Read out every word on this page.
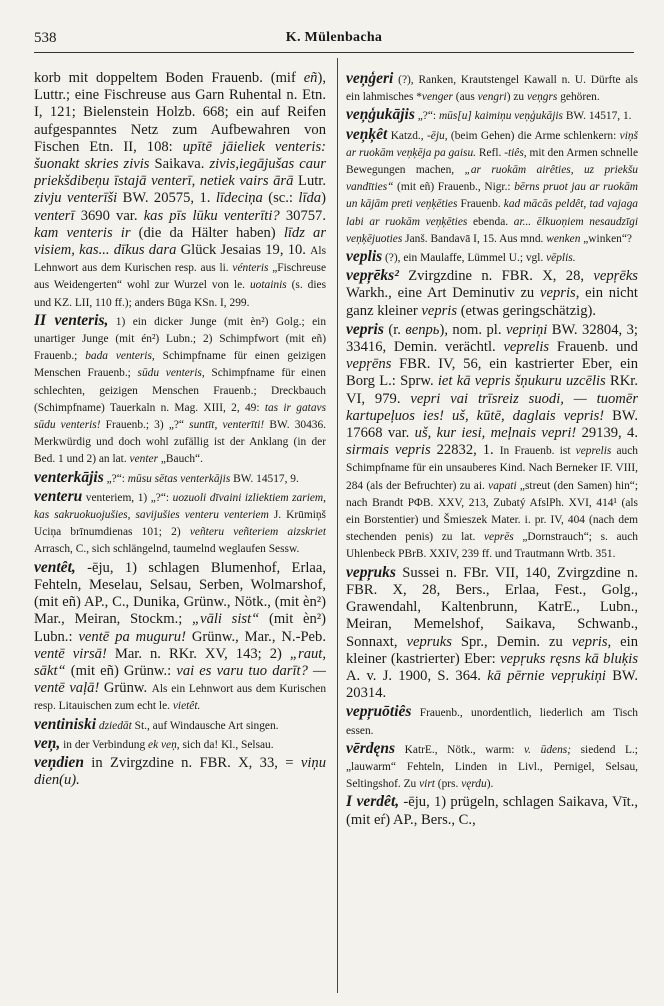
538	K. Mülenbacha

korb mit doppeltem Boden Frauenb. (mif eñ), Luttr.; eine Fischreuse aus Garn Ruhental n. Etn. I, 121; Bielenstein Holzb. 668; ein auf Reifen aufgespanntes Netz zum Aufbewahren von Fischen Etn. II, 108: upītē jāieliek venteris: šuonakt skries zivis Saikava. zivis,iegājušas caur priekšdibeņu īstajā venterī, netiek vairs ārā Lutr. zivju venterīši BW. 20575, 1. līdeciņa (sc.: līda) venterī 3690 var. kas pīs lūku venterīti? 30757. kam venteris ir (die da Hälter haben) līdz ar visiem, kas... dīkus dara Glück Jesaias 19, 10. Als Lehnwort aus dem Kurischen resp. aus li. vénteris „Fischreuse aus Weidengerten“ wohl zur Wurzel von le. uotainis (s. dies und KZ. LII, 110 ff.); anders Būga KSn. I, 299.

II venteris, 1) ein dicker Junge (mit èn²) Golg.; ein unartiger Junge (mit én²) Lubn.; 2) Schimpfwort (mit eñ) Frauenb.; bada venteris, Schimpfname für einen geizigen Menschen Frauenb.; sūdu venteris, Schimpfname für einen schlechten, geizigen Menschen Frauenb.; Dreckbauch (Schimpfname) Tauerkaln n. Mag. XIII, 2, 49: tas ir gatavs sūdu venteris! Frauenb.; 3) „?“ suntīt, venterīti! BW. 30436. Merkwürdig und doch wohl zufällig ist der Anklang (in der Bed. 1 und 2) an lat. venter „Bauch“.

venterkājis „?“: mūsu sētas venterkājis BW. 14517, 9.

venteru venteriem, 1) „?“: uozuoli dīvaini izliektiem zariem, kas sakruokuojušies, savijušies venteru venteriem J. Krūmiņš Uciņa brīnumdienas 101; 2) veñteru veñteriem aizskriet Arrasch, C., sich schlängelnd, taumelnd weglaufen Sessw.

ventêt, -ēju, 1) schlagen Blumenhof, Erlaa, Fehteln, Meselau, Selsau, Serben, Wolmarshof, (mit eñ) AP., C., Dunika, Grünw., Nötk., (mit èn²) Mar., Meiran, Stockm.; „vāli sist“ (mit èn²) Lubn.: ventē pa muguru! Grünw., Mar., N.-Peb. ventē virsā! Mar. n. RKr. XV, 143; 2) „raut, sākt“ (mit eñ) Grünw.: vai es varu tuo darīt? — ventē vaļā! Grünw. Als ein Lehnwort aus dem Kurischen resp. Litauischen zum echt le. vietêt.

ventiniski dziedāt St., auf Windausche Art singen.

veņ, in der Verbindung ek veņ, sich da! Kl., Selsau.

veņdien in Zvirgzdine n. FBR. X, 33, = viņu dien(u).

veņģeri (?), Ranken, Krautstengel Kawall n. U. Dürfte als ein lahmisches *venger (aus vengri) zu veņgrs gehören.

veņģukājis „?“: mūs[u] kaimiņu veņģukājis BW. 14517, 1.

veņķêt Katzd., -ēju, (beim Gehen) die Arme schlenkern: viņš ar ruokām veņķēja pa gaisu. Refl. -tiês, mit den Armen schnelle Bewegungen machen, „ar ruokām airêties, uz priekšu vandīties“ (mit eñ) Frauenb., Nigr.: bērns pruot jau ar ruokām un kājām preti veņķēties Frauenb. kad mācās peldêt, tad vajaga labi ar ruokām veņķēties ebenda. ar... ēlkuoņiem nesaudzīgi veņķējuoties Janš. Bandavā I, 15. Aus mnd. wenken „winken“?

veplis (?), ein Maulaffe, Lümmel U.; vgl. vēplis.

vepŗēks² Zvirgzdine n. FBR. X, 28, vepŗēks Warkh., eine Art Deminutiv zu vepris, ein nicht ganz kleiner vepris (etwas geringschätzig).

vepris (r. вепрь), nom. pl. vepriņi BW. 32804, 3; 33416, Demin. verächtl. veprelis Frauenb. und vepŗēns FBR. IV, 56, ein kastrierter Eber, ein Borg L.: Sprw. iet kā vepris šņukuru uzcēlis RKr. VI, 979. vepri vai trīsreiz suodi, — tuomēr kartupeļuos ies! uš, kūtē, daglais vepris! BW. 17668 var. uš, kur iesi, meļnais vepri! 29139, 4. sirmais vepris 22832, 1. In Frauenb. ist veprelis auch Schimpfname für ein unsauberes Kind. Nach Berneker IF. VIII, 284 (als der Befruchter) zu ai. vapati „streut (den Samen) hin“; nach Brandt РФВ. XXV, 213, Zubatý AfslPh. XVI, 414¹ (als ein Borstentier) und Šmieszek Mater. i. pr. IV, 404 (nach dem stechenden penis) zu lat. veprēs „Dornstrauch“; s. auch Uhlenbeck PBrB. XXIV, 239 ff. und Trautmann Wrtb. 351.

vepŗuks Sussei n. FBr. VII, 140, Zvirgzdine n. FBR. X, 28, Bers., Erlaa, Fest., Golg., Grawendahl, Kaltenbrunn, KatrE., Lubn., Meiran, Memelshof, Saikava, Schwanb., Sonnaxt, vepruks Spr., Demin. zu vepris, ein kleiner (kastrierter) Eber: vepŗuks ręsns kā bluķis A. v. J. 1900, S. 364. kā pērnie vepŗukiņi BW. 20314.

vepŗuōtiês Frauenb., unordentlich, liederlich am Tisch essen.

vērdęns KatrE., Nötk., warm: v. ūdens; siedend L.; „lauwarm“ Fehteln, Linden in Livl., Pernigel, Selsau, Seltingshof. Zu virt (prs. vęrdu).

I verdêt, -ēju, 1) prügeln, schlagen Saikava, Vīt., (mit eŕ) AP., Bers., C.,
